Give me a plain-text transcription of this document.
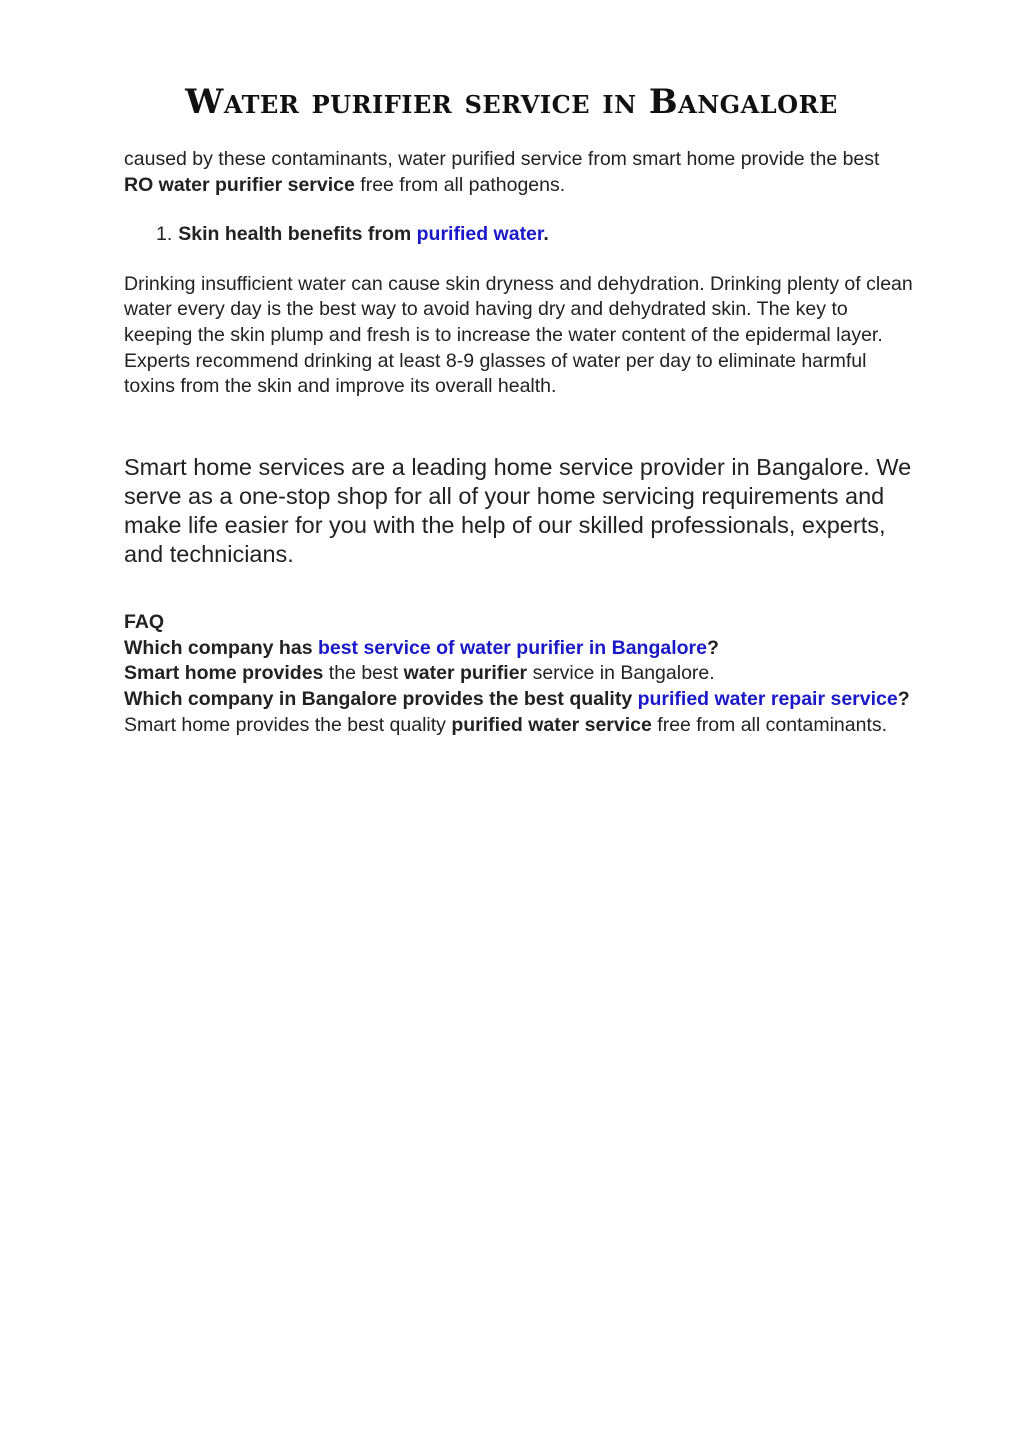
Water purifier service in Bangalore

caused by these contaminants, water purified service from smart home provide the best RO water purifier service free from all pathogens.

1. Skin health benefits from purified water.

Drinking insufficient water can cause skin dryness and dehydration. Drinking plenty of clean water every day is the best way to avoid having dry and dehydrated skin. The key to keeping the skin plump and fresh is to increase the water content of the epidermal layer. Experts recommend drinking at least 8-9 glasses of water per day to eliminate harmful toxins from the skin and improve its overall health.

Smart home services are a leading home service provider in Bangalore. We serve as a one-stop shop for all of your home servicing requirements and make life easier for you with the help of our skilled professionals, experts, and technicians.

FAQ
Which company has best service of water purifier in Bangalore?
Smart home provides the best water purifier service in Bangalore.
Which company in Bangalore provides the best quality purified water repair service?
Smart home provides the best quality purified water service free from all contaminants.
